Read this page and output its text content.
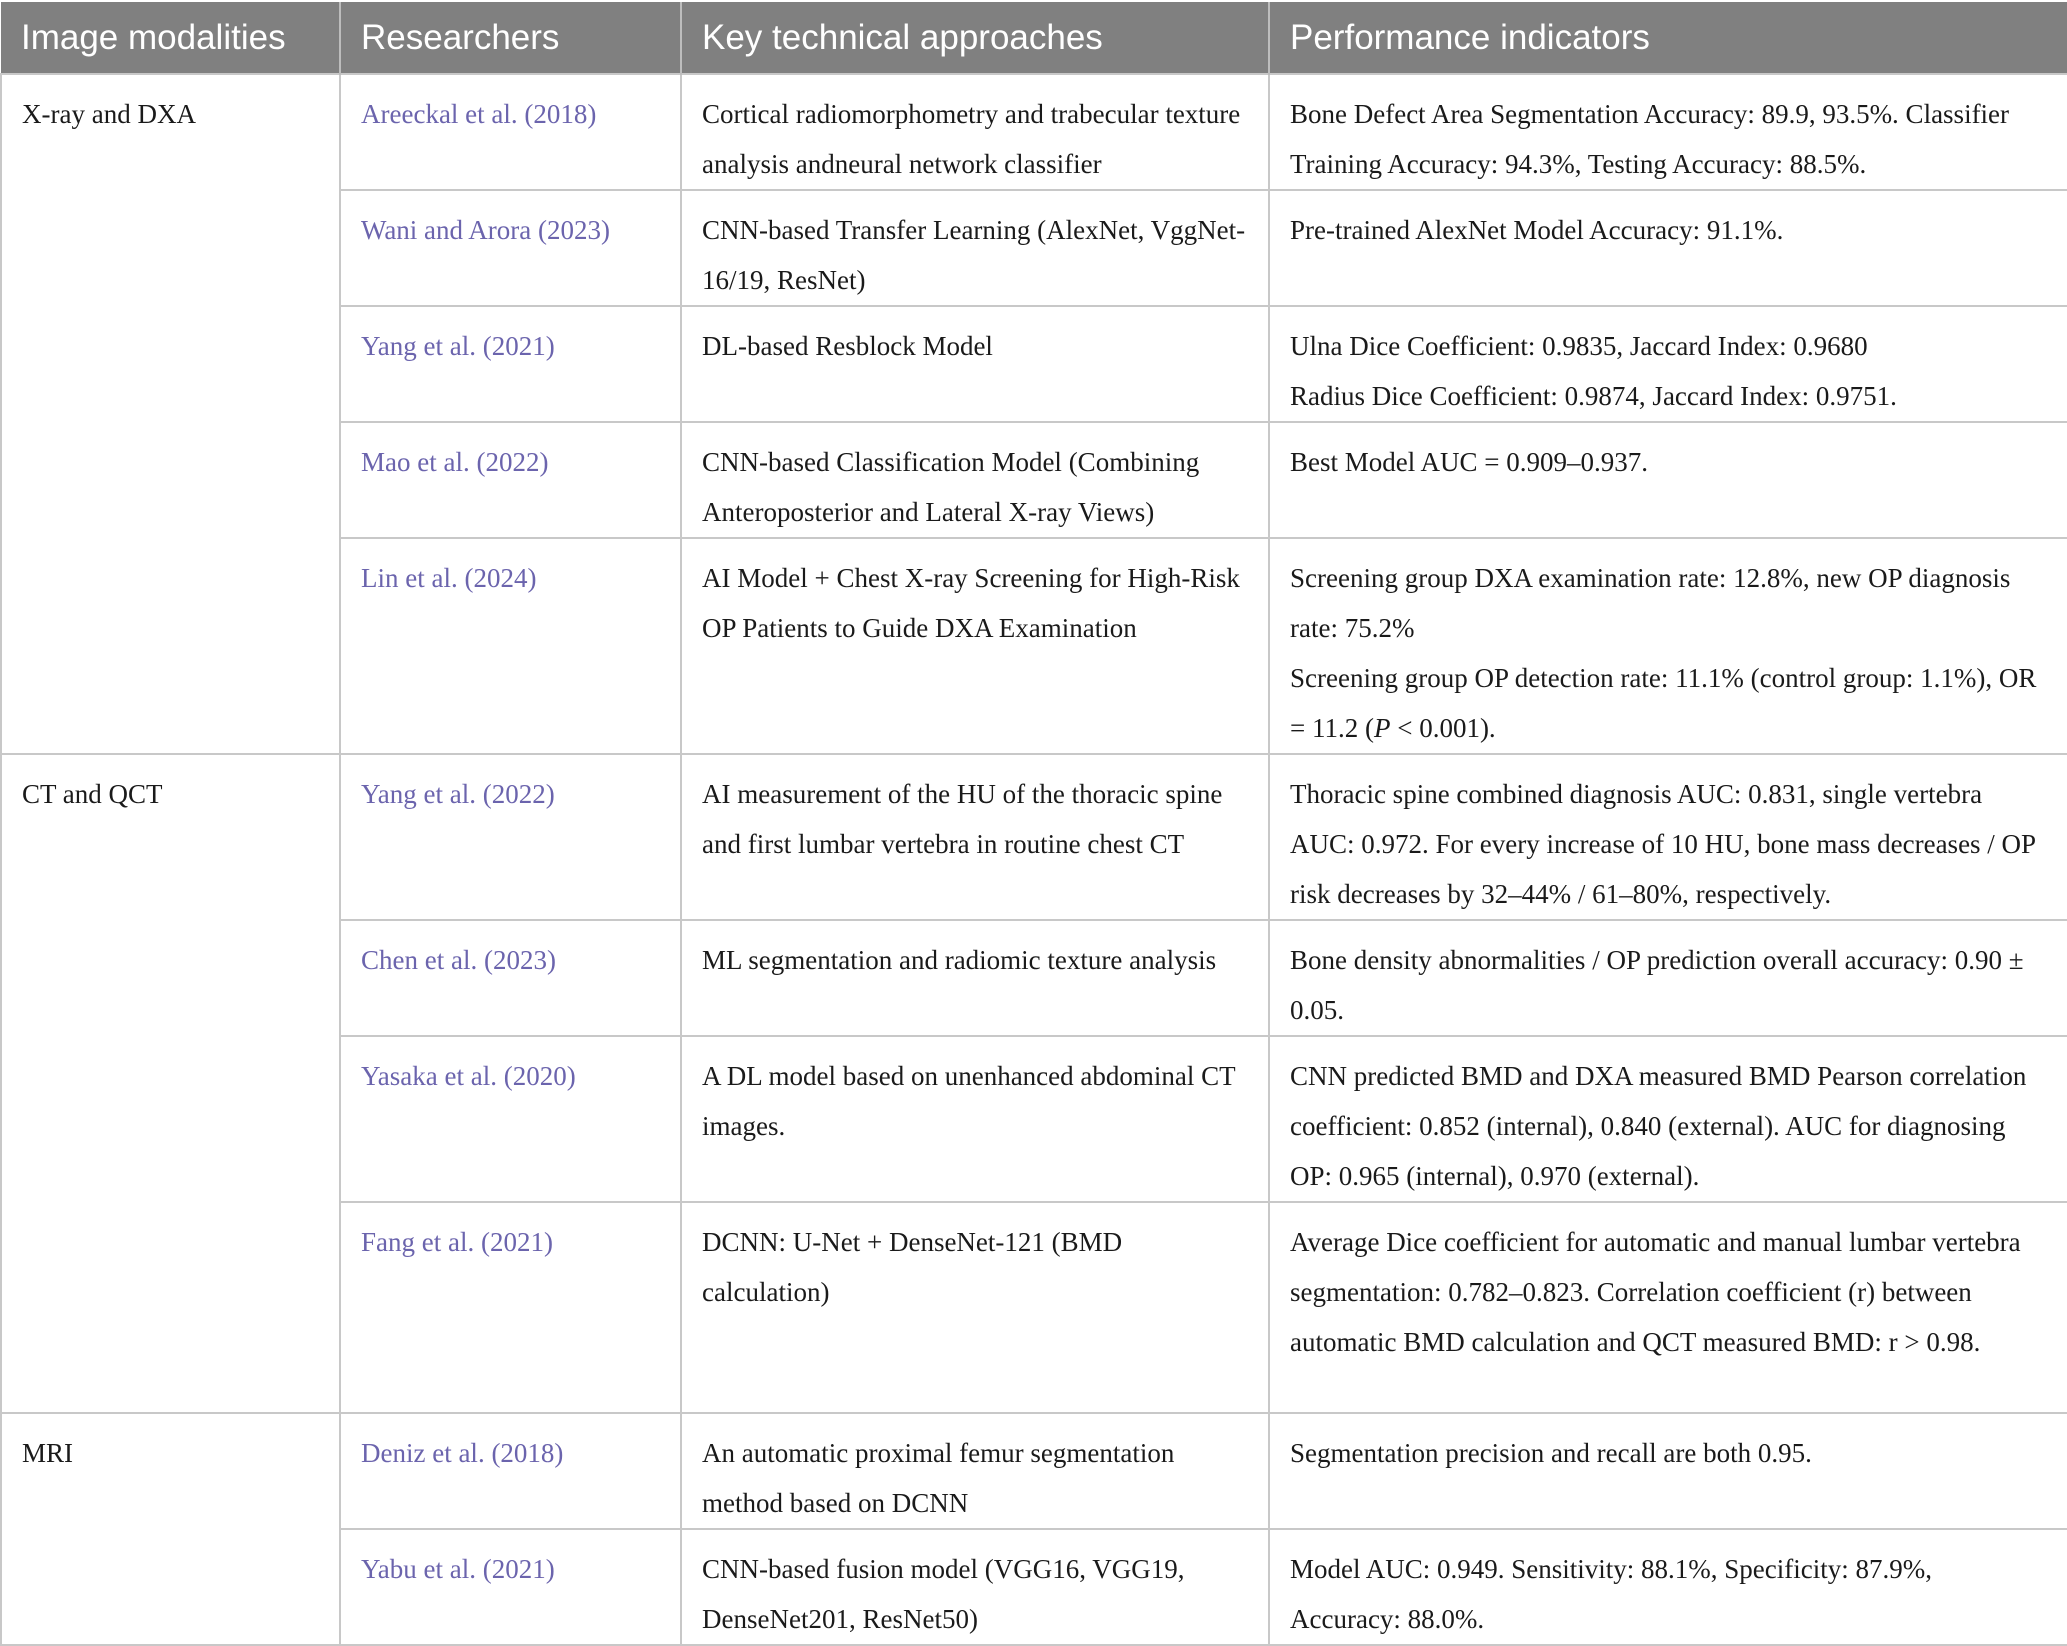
Image modalities	Researchers	Key technical approaches	Performance indicators
X-ray and DXA	Areeckal et al. (2018)	Cortical radiomorphometry and trabecular texture analysis andneural network classifier	Bone Defect Area Segmentation Accuracy: 89.9, 93.5%. Classifier Training Accuracy: 94.3%, Testing Accuracy: 88.5%.

	Wani and Arora (2023)	CNN-based Transfer Learning (AlexNet, VggNet-16/19, ResNet)	Pre-trained AlexNet Model Accuracy: 91.1%.

	Yang et al. (2021)	DL-based Resblock Model	Ulna Dice Coefficient: 0.9835, Jaccard Index: 0.9680
Radius Dice Coefficient: 0.9874, Jaccard Index: 0.9751.

	Mao et al. (2022)	CNN-based Classification Model (Combining Anteroposterior and Lateral X-ray Views)	Best Model AUC = 0.909–0.937.

	Lin et al. (2024)	AI Model + Chest X-ray Screening for High-Risk OP Patients to Guide DXA Examination	Screening group DXA examination rate: 12.8%, new OP diagnosis rate: 75.2%
Screening group OP detection rate: 11.1% (control group: 1.1%), OR = 11.2 (P < 0.001).

CT and QCT	Yang et al. (2022)	AI measurement of the HU of the thoracic spine and first lumbar vertebra in routine chest CT	Thoracic spine combined diagnosis AUC: 0.831, single vertebra AUC: 0.972. For every increase of 10 HU, bone mass decreases / OP risk decreases by 32–44% / 61–80%, respectively.

	Chen et al. (2023)	ML segmentation and radiomic texture analysis	Bone density abnormalities / OP prediction overall accuracy: 0.90 ± 0.05.

	Yasaka et al. (2020)	A DL model based on unenhanced abdominal CT images.	CNN predicted BMD and DXA measured BMD Pearson correlation coefficient: 0.852 (internal), 0.840 (external). AUC for diagnosing OP: 0.965 (internal), 0.970 (external).

	Fang et al. (2021)	DCNN: U-Net + DenseNet-121 (BMD calculation)	Average Dice coefficient for automatic and manual lumbar vertebra segmentation: 0.782–0.823. Correlation coefficient (r) between automatic BMD calculation and QCT measured BMD: r > 0.98.

MRI	Deniz et al. (2018)	An automatic proximal femur segmentation method based on DCNN	Segmentation precision and recall are both 0.95.

	Yabu et al. (2021)	CNN-based fusion model (VGG16, VGG19, DenseNet201, ResNet50)	Model AUC: 0.949. Sensitivity: 88.1%, Specificity: 87.9%, Accuracy: 88.0%.
